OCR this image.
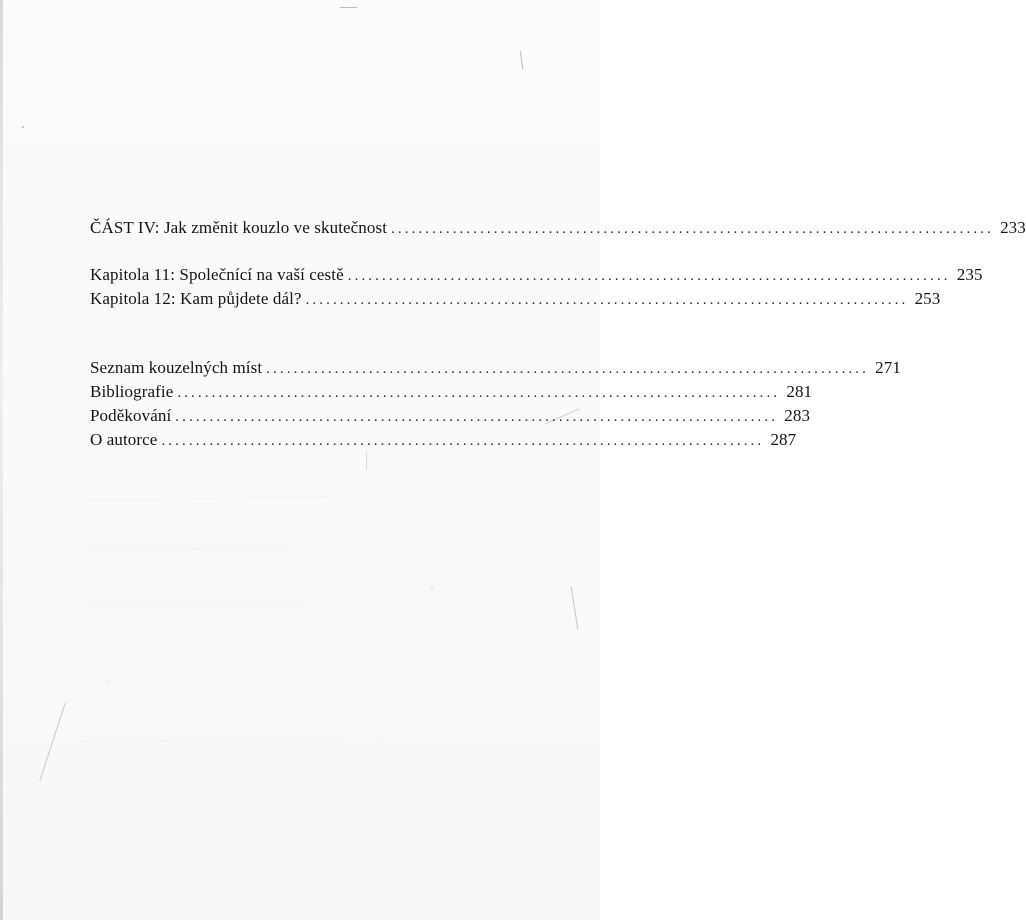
ČÁST IV: Jak změnit kouzlo ve skutečnost ........................................................................................ 233
Kapitola 11: Společnící na vaší cestě ........................................................................................ 235
Kapitola 12: Kam půjdete dál? ........................................................................................ 253
Seznam kouzelných míst ........................................................................................ 271
Bibliografie ........................................................................................ 281
Poděkování ........................................................................................ 283
O autorce ........................................................................................ 287
